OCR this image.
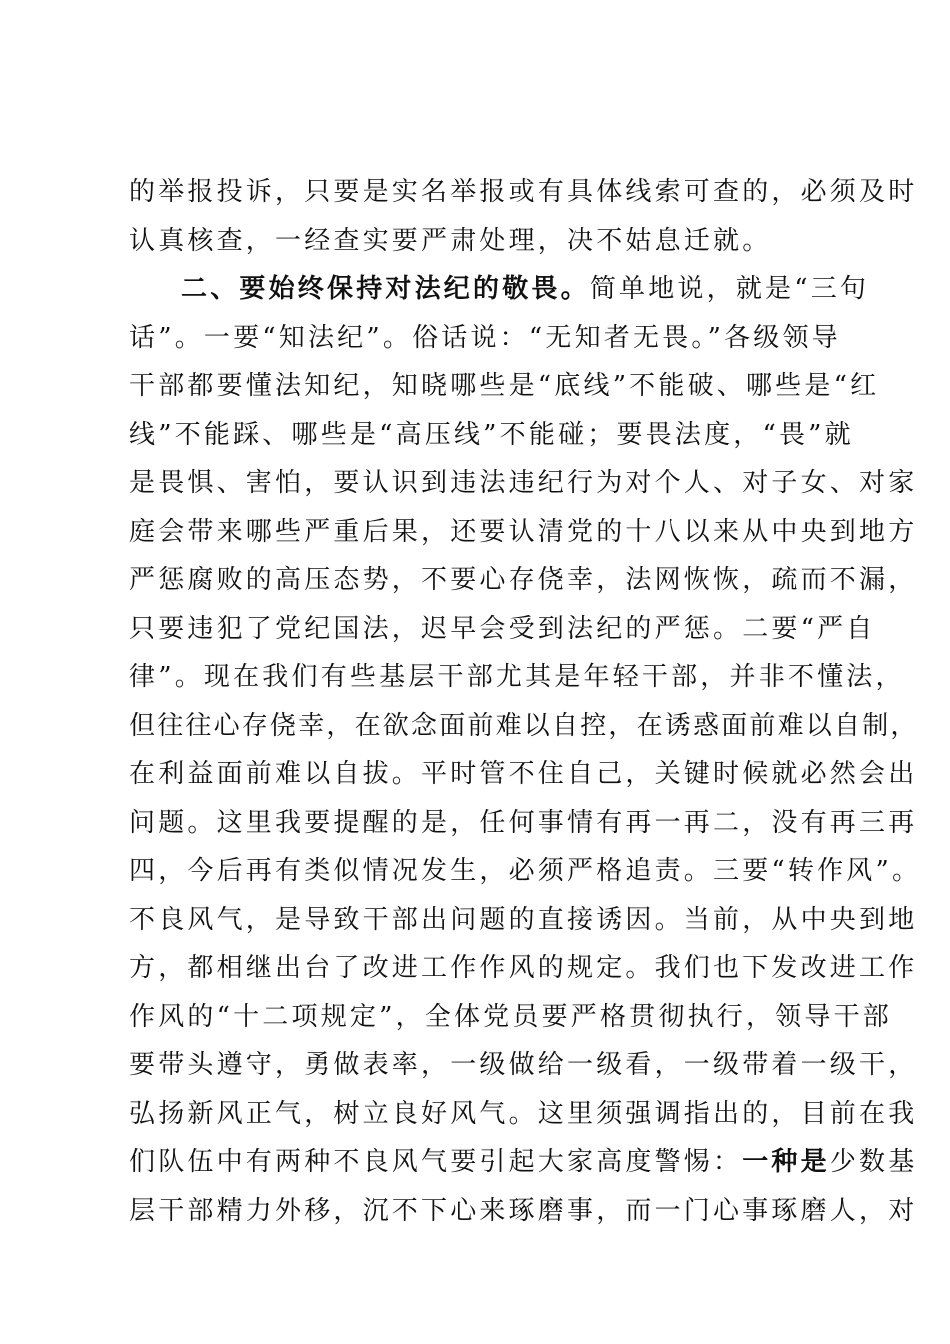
的举报投诉，只要是实名举报或有具体线索可查的，必须及时
认真核查，一经查实要严肃处理，决不姑息迁就。
二、要始终保持对法纪的敬畏。简单地说，就是“三句
话”。一要“知法纪”。俗话说：“无知者无畏。”各级领导
干部都要懂法知纪，知晓哪些是“底线”不能破、哪些是“红
线”不能踩、哪些是“高压线”不能碰；要畏法度，“畏”就
是畏惧、害怕，要认识到违法违纪行为对个人、对子女、对家
庭会带来哪些严重后果，还要认清党的十八以来从中央到地方
严惩腐败的高压态势，不要心存侥幸，法网恢恢，疏而不漏，
只要违犯了党纪国法，迟早会受到法纪的严惩。二要“严自
律”。现在我们有些基层干部尤其是年轻干部，并非不懂法，
但往往心存侥幸，在欲念面前难以自控，在诱惑面前难以自制，
在利益面前难以自拔。平时管不住自己，关键时候就必然会出
问题。这里我要提醒的是，任何事情有再一再二，没有再三再
四，今后再有类似情况发生，必须严格追责。三要“转作风”。
不良风气，是导致干部出问题的直接诱因。当前，从中央到地
方，都相继出台了改进工作作风的规定。我们也下发改进工作
作风的“十二项规定”，全体党员要严格贯彻执行，领导干部
要带头遵守，勇做表率，一级做给一级看，一级带着一级干，
弘扬新风正气，树立良好风气。这里须强调指出的，目前在我
们队伍中有两种不良风气要引起大家高度警惕：一种是少数基
层干部精力外移，沉不下心来琢磨事，而一门心事琢磨人，对
